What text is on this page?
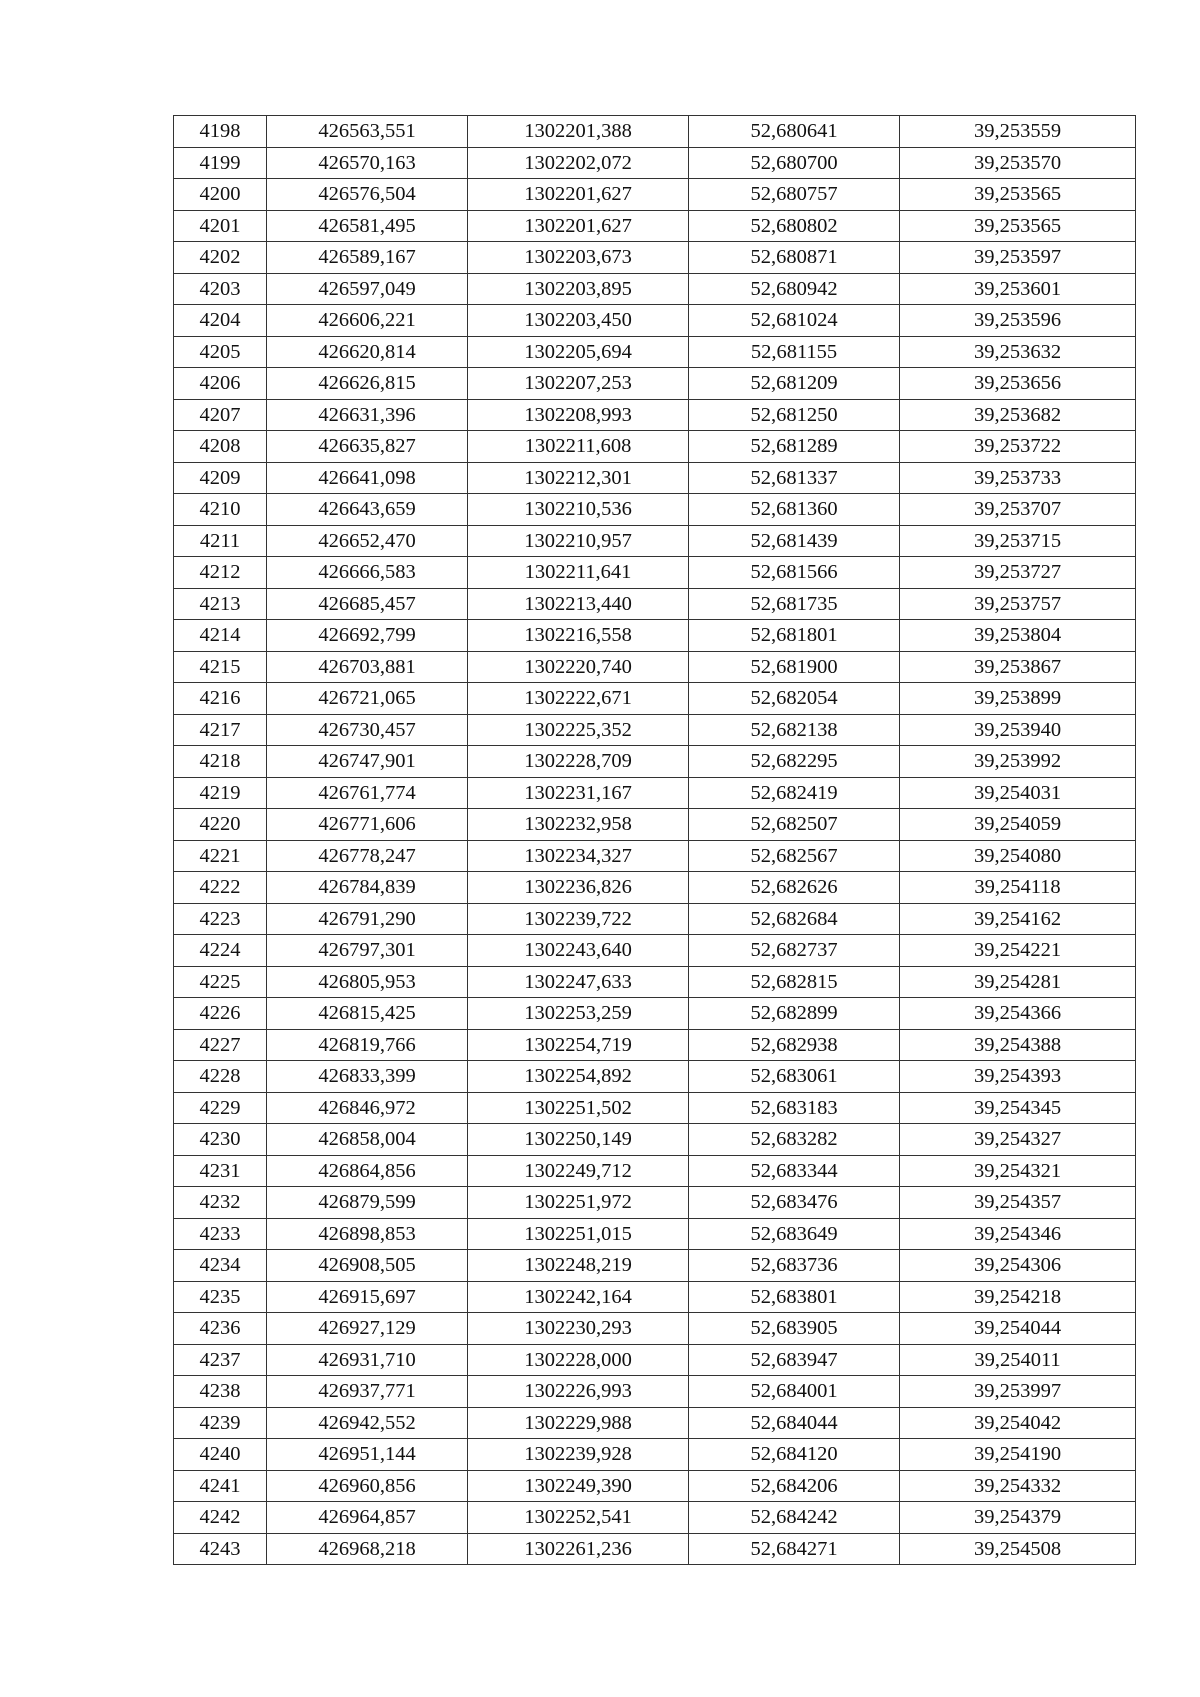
4198	426563,551	1302201,388	52,680641	39,253559
4199	426570,163	1302202,072	52,680700	39,253570
4200	426576,504	1302201,627	52,680757	39,253565
4201	426581,495	1302201,627	52,680802	39,253565
4202	426589,167	1302203,673	52,680871	39,253597
4203	426597,049	1302203,895	52,680942	39,253601
4204	426606,221	1302203,450	52,681024	39,253596
4205	426620,814	1302205,694	52,681155	39,253632
4206	426626,815	1302207,253	52,681209	39,253656
4207	426631,396	1302208,993	52,681250	39,253682
4208	426635,827	1302211,608	52,681289	39,253722
4209	426641,098	1302212,301	52,681337	39,253733
4210	426643,659	1302210,536	52,681360	39,253707
4211	426652,470	1302210,957	52,681439	39,253715
4212	426666,583	1302211,641	52,681566	39,253727
4213	426685,457	1302213,440	52,681735	39,253757
4214	426692,799	1302216,558	52,681801	39,253804
4215	426703,881	1302220,740	52,681900	39,253867
4216	426721,065	1302222,671	52,682054	39,253899
4217	426730,457	1302225,352	52,682138	39,253940
4218	426747,901	1302228,709	52,682295	39,253992
4219	426761,774	1302231,167	52,682419	39,254031
4220	426771,606	1302232,958	52,682507	39,254059
4221	426778,247	1302234,327	52,682567	39,254080
4222	426784,839	1302236,826	52,682626	39,254118
4223	426791,290	1302239,722	52,682684	39,254162
4224	426797,301	1302243,640	52,682737	39,254221
4225	426805,953	1302247,633	52,682815	39,254281
4226	426815,425	1302253,259	52,682899	39,254366
4227	426819,766	1302254,719	52,682938	39,254388
4228	426833,399	1302254,892	52,683061	39,254393
4229	426846,972	1302251,502	52,683183	39,254345
4230	426858,004	1302250,149	52,683282	39,254327
4231	426864,856	1302249,712	52,683344	39,254321
4232	426879,599	1302251,972	52,683476	39,254357
4233	426898,853	1302251,015	52,683649	39,254346
4234	426908,505	1302248,219	52,683736	39,254306
4235	426915,697	1302242,164	52,683801	39,254218
4236	426927,129	1302230,293	52,683905	39,254044
4237	426931,710	1302228,000	52,683947	39,254011
4238	426937,771	1302226,993	52,684001	39,253997
4239	426942,552	1302229,988	52,684044	39,254042
4240	426951,144	1302239,928	52,684120	39,254190
4241	426960,856	1302249,390	52,684206	39,254332
4242	426964,857	1302252,541	52,684242	39,254379
4243	426968,218	1302261,236	52,684271	39,254508
